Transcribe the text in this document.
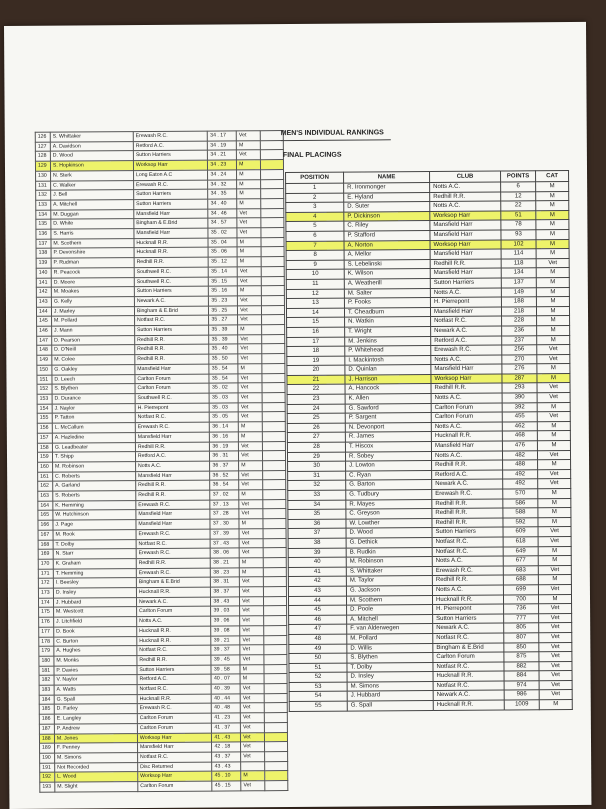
126	S. Whittaker	Erewash R.C.	34 . 17	Vet	
127	A. Davidson	Retford A.C.	34 . 19	M	
128	D. Wood	Sutton Harriers	34 . 21	Vet	
129	S. Hopkinson	Worksop Harr	34 . 23	M	
130	N. Sterk	Long Eaton A.C	34 . 24	M	
131	C. Walker	Erewash R.C.	34 . 32	M	
132	J. Bell	Sutton Harriers	34 . 35	M	
133	A. Mitchell	Sutton Harriers	34 . 40	M	
134	M. Duggan	Mansfield Harr	34 . 46	Vet	
135	D. White	Bingham & E.Brid	34 . 57	Vet	
136	S. Harris	Mansfield Harr	35 . 02	Vet	
137	M. Scothern	Hucknall R.R.	35 . 04	M	
138	P. Devonshire	Hucknall R.R.	35 . 06	M	
139	P. Rudman	Redhill R.R.	35 . 12	M	
140	R. Peacock	Southwell R.C.	35 . 14	Vet	
141	D. Moore	Southwell R.C.	35 . 15	Vet	
142	M. Moakes	Sutton Harriers	35 . 16	M	
143	G. Kelly	Newark A.C.	35 . 23	Vet	
144	J. Marley	Bingham & E.Brid	35 . 25	Vet	
145	M. Pollard	Notfast R.C.	35 . 27	Vet	
146	J. Mann	Sutton Harriers	35 . 39	M	
147	D. Pearson	Redhill R.R.	35 . 39	Vet	
148	D. O'Neill	Redhill R.R.	35 . 40	Vet	
149	M. Colee	Redhill R.R.	35 . 50	Vet	
150	G. Oakley	Mansfield Harr	35 . 54	M	
151	D. Leech	Carlton Forum	35 . 54	Vet	
152	S. Blythen	Carlton Forum	35 . 02	Vet	
153	D. Durance	Southwell R.C.	35 . 03	Vet	
154	J. Naylor	H. Pierrepont	35 . 03	Vet	
155	P. Tatton	Notfast R.C.	35 . 05	Vet	
156	L. McCallum	Erewash R.C.	36 . 14	M	
157	A. Hazledine	Mansfield Harr	36 . 16	M	
158	G. Leadbeater	Redhill R.R.	36 . 19	Vet	
159	T. Shipp	Retford A.C.	36 . 31	Vet	
160	M. Robinson	Notts A.C.	36 . 37	M	
161	C. Roberts	Mansfield Harr	36 . 52	Vet	
162	A. Garland	Redhill R.R.	36 . 54	Vet	
163	S. Roberts	Redhill R.R.	37 . 02	M	
164	K. Hemming	Erewash R.C.	37 . 13	Vet	
165	W. Hutchinson	Mansfield Harr	37 . 28	Vet	
166	J. Page	Mansfield Harr	37 . 30	M	
167	M. Rook	Erewash R.C.	37 . 39	Vet	
168	T. Dolby	Notfast R.C.	37 . 43	Vet	
169	N. Starr	Erewash R.C.	38 . 06	Vet	
170	K. Graham	Redhill R.R.	38 . 21	M	
171	T. Hemming	Erewash R.C.	38 . 23	M	
172	I. Beesley	Bingham & E.Brid	38 . 31	Vet	
173	D. Insley	Hucknall R.R.	38 . 37	Vet	
174	J. Hubbard	Newark A.C.	38 . 43	Vet	
175	M. Westcott	Carlton Forum	39 . 03	Vet	
176	J. Litchfield	Notts A.C.	39 . 06	Vet	
177	D. Book	Hucknall R.R.	39 . 08	Vet	
178	C. Burton	Hucknall R.R.	39 . 21	Vet	
179	A. Hughes	Notfast R.C.	39 . 37	Vet	
180	M. Monks	Redhill R.R.	39 . 45	Vet	
181	P. Davies	Sutton Harriers	39 . 58	M	
182	V. Naylor	Retford A.C.	40 . 07	M	
183	A. Watts	Notfast R.C.	40 . 39	Vet	
184	G. Spall	Hucknall R.R.	40 . 44	Vet	
185	D. Farley	Erewash R.C.	40 . 48	Vet	
186	E. Langley	Carlton Forum	41 . 23	Vet	
187	P. Andrew	Carlton Forum	41 . 37	Vet	
188	M. Jones	Worksop Harr	41 . 43	Vet	
189	F. Penney	Mansfield Harr	42 . 18	Vet	
190	M. Simons	Notfast R.C.	43 . 37	Vet	
191	Not Recorded	Disc Returned	43 . 43		
192	L. Wood	Worksop Harr	45 . 10	M	
193	M. Slight	Carlton Forum	45 . 15	Vet	
MEN'S INDIVIDUAL RANKINGS
FINAL PLACINGS
POSITION	NAME	CLUB	POINTS	CAT
1	R. Ironmonger	Notts A.C.	6	M
2	E. Hyland	Redhill R.R.	12	M
3	D. Suter	Notts A.C.	22	M
4	P. Dickinson	Worksop Harr	51	M
5	C. Riley	Mansfield Harr	78	M
6	P. Stafford	Mansfield Harr	93	M
7	A. Norton	Worksop Harr	102	M
8	A. Mellor	Mansfield Harr	114	M
9	S. Lebelinski	Redhill R.R.	118	Vet
10	K. Wilson	Mansfield Harr	134	M
11	A. Weatherill	Sutton Harriers	137	M
12	M. Salter	Notts A.C.	149	M
13	P. Fooks	H. Pierrepont	188	M
14	T. Cheadburn	Mansfield Harr	218	M
15	N. Watkin	Notfast R.C.	228	M
16	T. Wright	Newark A.C.	236	M
17	M. Jenkins	Retford A.C.	237	M
18	P. Whitehead	Erewash R.C.	256	Vet
19	I. Mackintosh	Notts A.C.	270	Vet
20	D. Quinlan	Mansfield Harr	276	M
21	J. Harrison	Worksop Harr	287	M
22	A. Hancock	Redhill R.R.	293	Vet
23	K. Allen	Notts A.C.	390	Vet
24	G. Sawford	Carlton Forum	392	M
25	P. Sargent	Carlton Forum	455	Vet
26	N. Devonport	Notts A.C.	462	M
27	R. James	Hucknall R.R.	468	M
28	T. Hiscox	Mansfield Harr	476	M
29	R. Sobey	Notts A.C.	482	Vet
30	J. Lowton	Redhill R.R.	488	M
31	C. Ryan	Retford A.C.	492	Vet
32	G. Barton	Newark A.C.	492	Vet
33	G. Tudbury	Erewash R.C.	570	M
34	R. Mayes	Redhill R.R.	586	M
35	C. Greyson	Redhill R.R.	588	M
36	W. Lowther	Redhill R.R.	592	M
37	D. Wood	Sutton Harriers	609	Vet
38	G. Dethick	Notfast R.C.	618	Vet
39	B. Rudkin	Notfast R.C.	649	M
40	M. Robinson	Notts A.C.	677	M
41	S. Whittaker	Erewash R.C.	683	Vet
42	M. Taylor	Redhill R.R.	688	M
43	G. Jackson	Notts A.C.	699	Vet
44	M. Scothern	Hucknall R.R.	700	M
45	D. Poole	H. Pierrepont	736	Vet
46	A. Mitchell	Sutton Harriers	777	Vet
47	F. van Alderwegen	Newark A.C.	805	Vet
48	M. Pollard	Notfast R.C.	807	Vet
49	D. Willis	Bingham & E.Brid	850	Vet
50	S. Blythen	Carlton Forum	875	Vet
51	T. Dolby	Notfast R.C.	882	Vet
52	D. Insley	Hucknall R.R.	884	Vet
53	M. Simons	Notfast R.C.	974	Vet
54	J. Hubbard	Newark A.C.	986	Vet
55	G. Spall	Hucknall R.R.	1009	M
